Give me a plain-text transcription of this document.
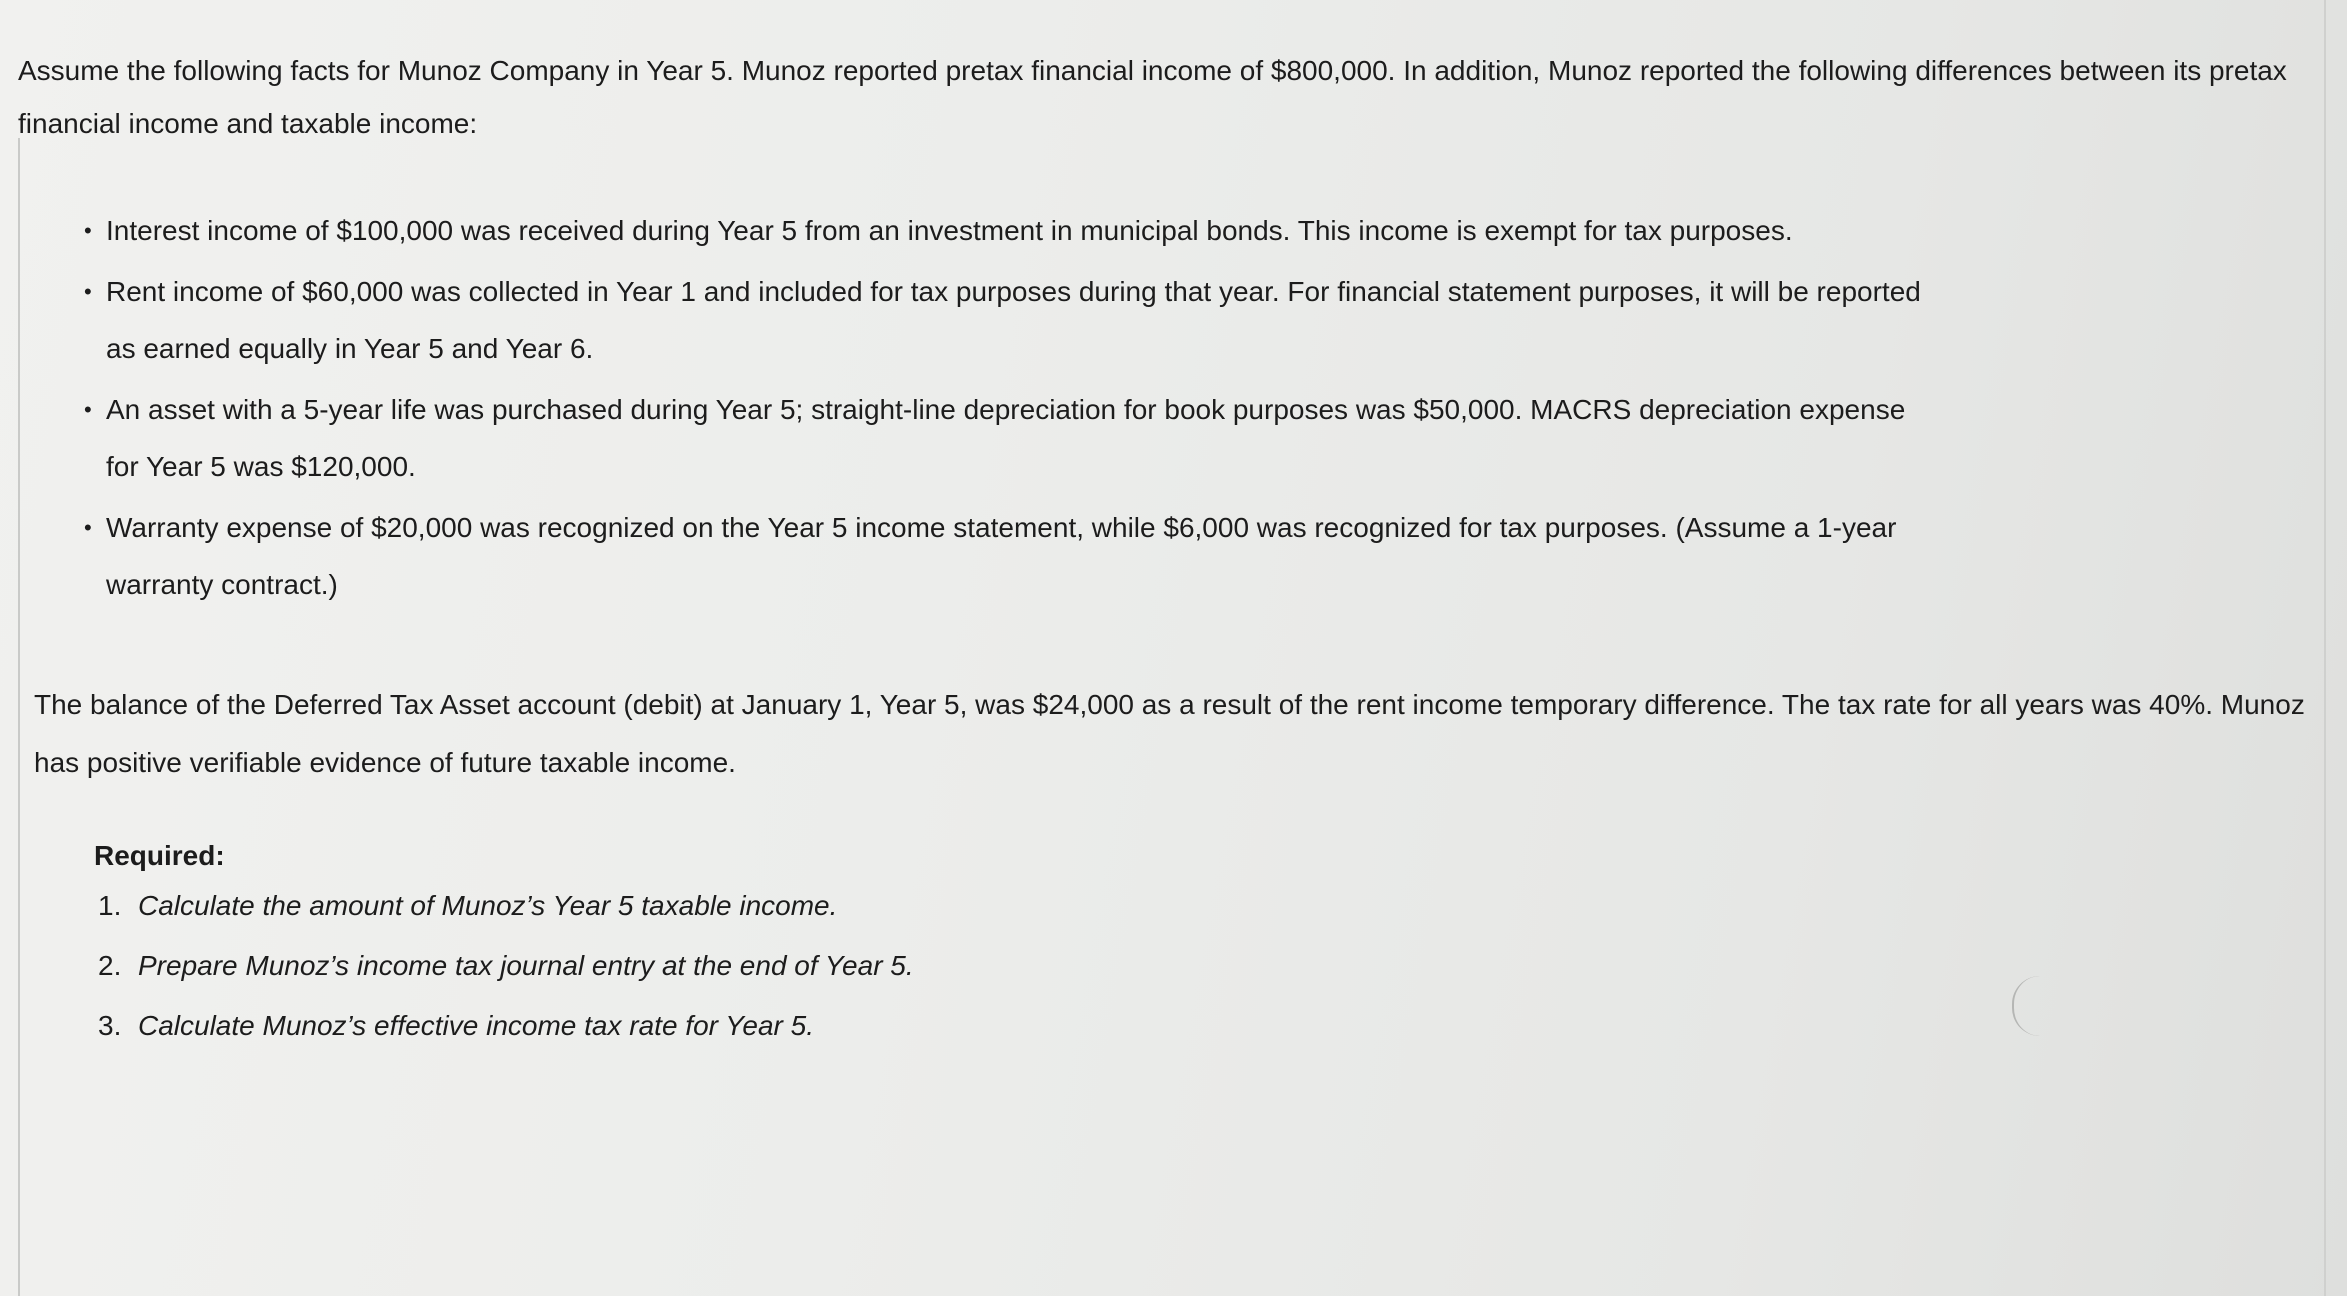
Assume the following facts for Munoz Company in Year 5. Munoz reported pretax financial income of $800,000. In addition, Munoz reported the following differences between its pretax financial income and taxable income:

• Interest income of $100,000 was received during Year 5 from an investment in municipal bonds. This income is exempt for tax purposes.
• Rent income of $60,000 was collected in Year 1 and included for tax purposes during that year. For financial statement purposes, it will be reported as earned equally in Year 5 and Year 6.
• An asset with a 5-year life was purchased during Year 5; straight-line depreciation for book purposes was $50,000. MACRS depreciation expense for Year 5 was $120,000.
• Warranty expense of $20,000 was recognized on the Year 5 income statement, while $6,000 was recognized for tax purposes. (Assume a 1-year warranty contract.)

The balance of the Deferred Tax Asset account (debit) at January 1, Year 5, was $24,000 as a result of the rent income temporary difference. The tax rate for all years was 40%. Munoz has positive verifiable evidence of future taxable income.

Required:

1. Calculate the amount of Munoz’s Year 5 taxable income.
2. Prepare Munoz’s income tax journal entry at the end of Year 5.
3. Calculate Munoz’s effective income tax rate for Year 5.
